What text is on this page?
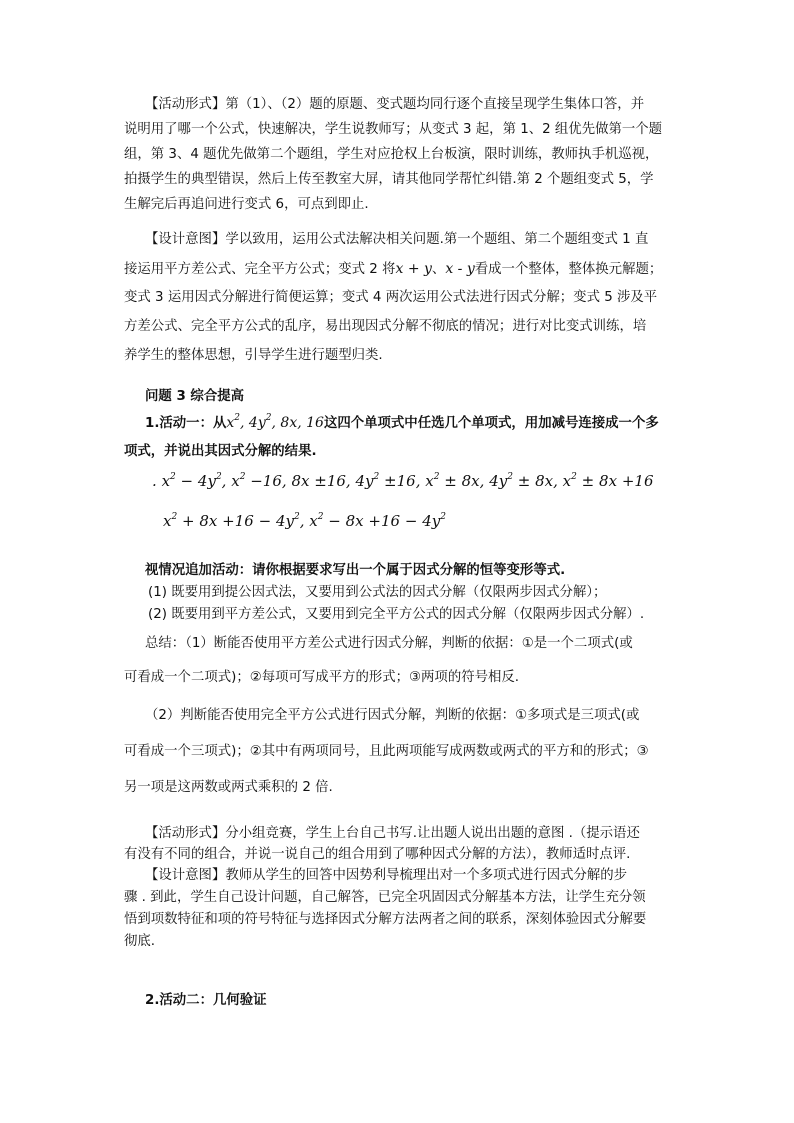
【活动形式】第（1）、（2）题的原题、变式题均同行逐个直接呈现学生集体口答，并
说明用了哪一个公式，快速解决，学生说教师写；从变式 3 起，第 1、2 组优先做第一个题
组，第 3、4 题优先做第二个题组，学生对应抢权上台板演，限时训练，教师执手机巡视，
拍摄学生的典型错误，然后上传至教室大屏，请其他同学帮忙纠错.第 2 个题组变式 5，学
生解完后再追问进行变式 6，可点到即止.
【设计意图】学以致用，运用公式法解决相关问题.第一个题组、第二个题组变式 1 直
接运用平方差公式、完全平方公式；变式 2 将x + y、x - y看成一个整体，整体换元解题；
变式 3 运用因式分解进行简便运算；变式 4 两次运用公式法进行因式分解；变式 5 涉及平
方差公式、完全平方公式的乱序，易出现因式分解不彻底的情况；进行对比变式训练，培
养学生的整体思想，引导学生进行题型归类.
问题 3 综合提高
1.活动一：从$x^2$, $4y^2$, 8x, 16这四个单项式中任选几个单项式，用加减号连接成一个多
项式，并说出其因式分解的结果.
. $x^2 - 4y^2$, $x^2 -16$, 8x ±16, $4y^2 \pm 16$, $x^2 \pm 8x$, $4y^2 \pm 8x$, $x^2 \pm 8x +16$
$x^2 + 8x +16 - 4y^2$, $x^2 - 8x +16 - 4y^2$
视情况追加活动：请你根据要求写出一个属于因式分解的恒等变形等式.
(1) 既要用到提公因式法，又要用到公式法的因式分解（仅限两步因式分解）；
(2) 既要用到平方差公式，又要用到完全平方公式的因式分解（仅限两步因式分解）.
总结：（1）断能否使用平方差公式进行因式分解，判断的依据：①是一个二项式(或
可看成一个二项式)；②每项可写成平方的形式；③两项的符号相反.
（2）判断能否使用完全平方公式进行因式分解，判断的依据：①多项式是三项式(或
可看成一个三项式)；②其中有两项同号，且此两项能写成两数或两式的平方和的形式；③
另一项是这两数或两式乘积的 2 倍.
【活动形式】分小组竞赛，学生上台自己书写.让出题人说出出题的意图 .（提示语还
有没有不同的组合，并说一说自己的组合用到了哪种因式分解的方法），教师适时点评.
【设计意图】教师从学生的回答中因势利导梳理出对一个多项式进行因式分解的步
骤 . 到此，学生自己设计问题，自己解答，已完全巩固因式分解基本方法，让学生充分领
悟到项数特征和项的符号特征与选择因式分解方法两者之间的联系，深刻体验因式分解要
彻底.
2.活动二：几何验证
